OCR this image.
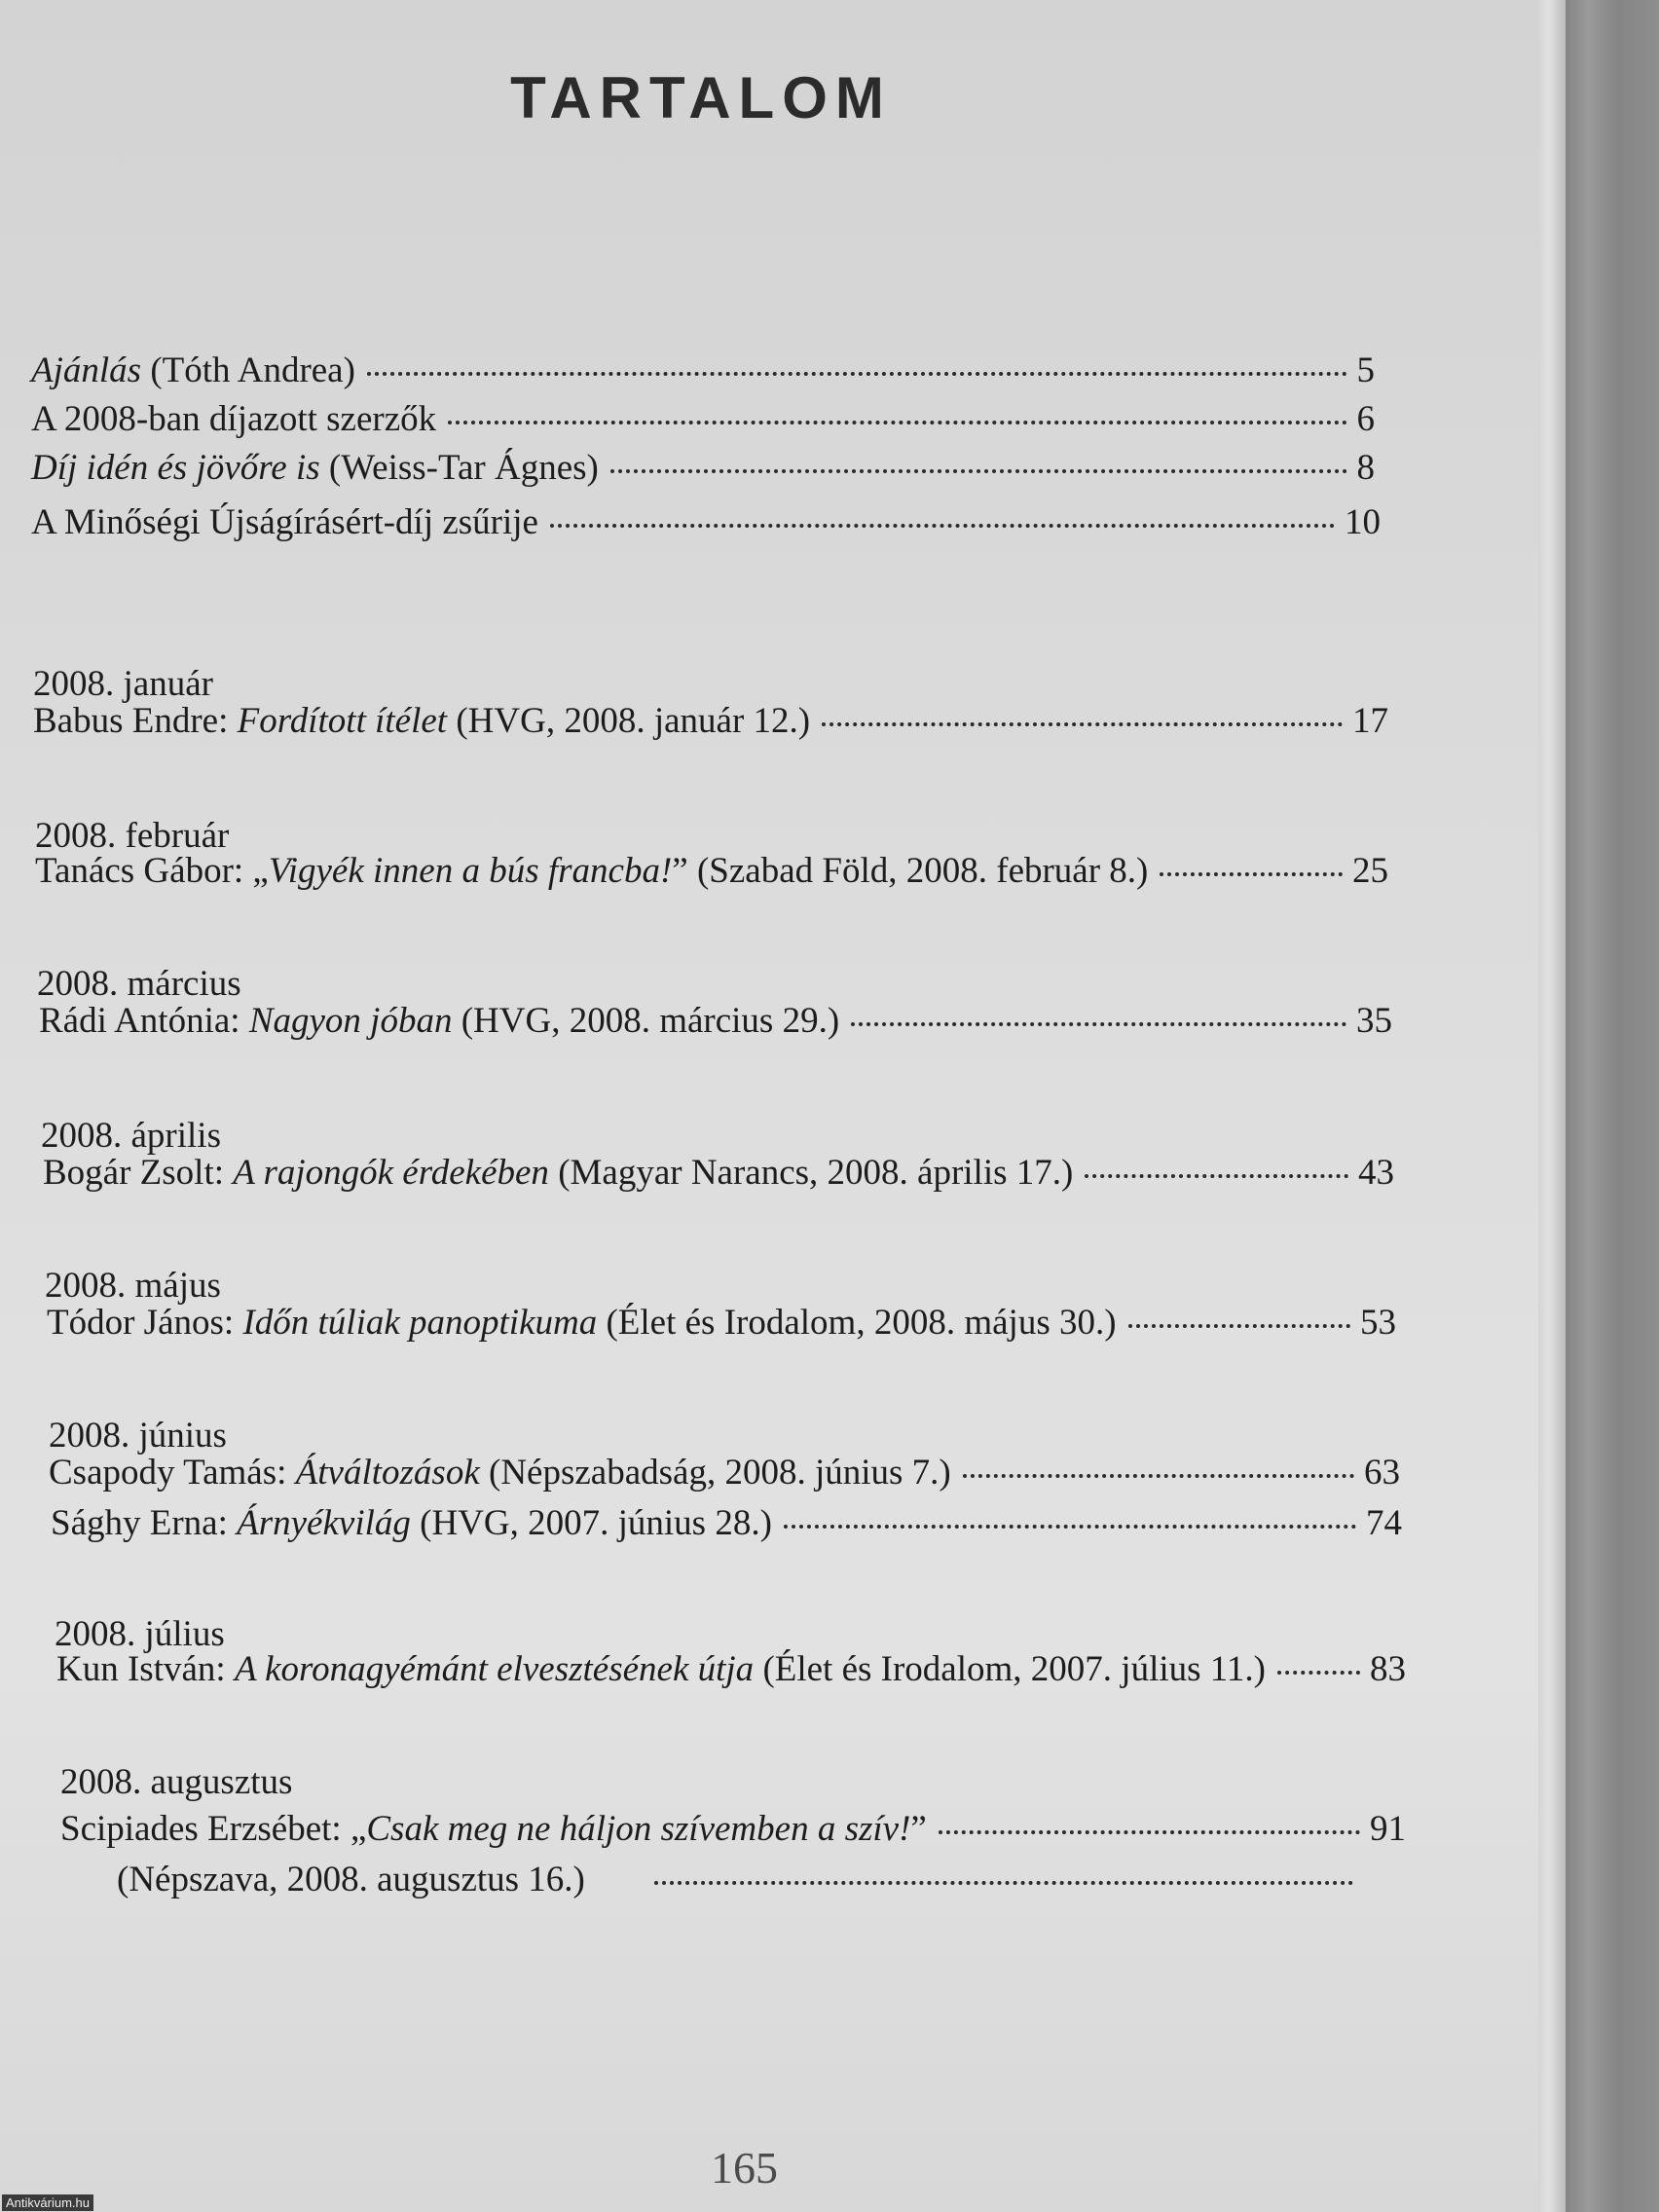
TARTALOM
Ajánlás (Tóth Andrea)	5
A 2008-ban díjazott szerzők	6
Díj idén és jövőre is (Weiss-Tar Ágnes)	8
A Minőségi Újságírásért-díj zsűrije	10
2008. január
Babus Endre: Fordított ítélet (HVG, 2008. január 12.)	17
2008. február
Tanács Gábor: „Vigyék innen a bús francba!” (Szabad Föld, 2008. február 8.)	25
2008. március
Rádi Antónia: Nagyon jóban (HVG, 2008. március 29.)	35
2008. április
Bogár Zsolt: A rajongók érdekében (Magyar Narancs, 2008. április 17.)	43
2008. május
Tódor János: Időn túliak panoptikuma (Élet és Irodalom, 2008. május 30.)	53
2008. június
Csapody Tamás: Átváltozások (Népszabadság, 2008. június 7.)	63
Sághy Erna: Árnyékvilág (HVG, 2007. június 28.)	74
2008. július
Kun István: A koronagyémánt elvesztésének útja (Élet és Irodalom, 2007. július 11.)	83
2008. augusztus
Scipiades Erzsébet: „Csak meg ne háljon szívemben a szív!”	91
(Népszava, 2008. augusztus 16.)
165
Antikvárium.hu
